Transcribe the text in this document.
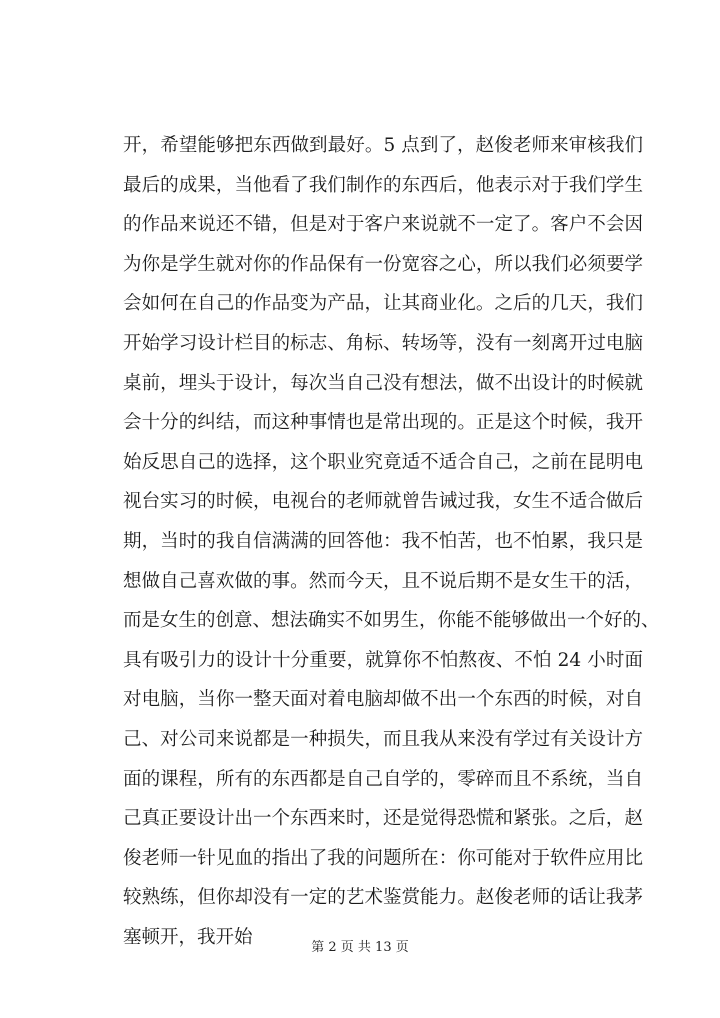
开，希望能够把东西做到最好。5 点到了，赵俊老师来审核我们
最后的成果，当他看了我们制作的东西后，他表示对于我们学生
的作品来说还不错，但是对于客户来说就不一定了。客户不会因
为你是学生就对你的作品保有一份宽容之心，所以我们必须要学
会如何在自己的作品变为产品，让其商业化。之后的几天，我们
开始学习设计栏目的标志、角标、转场等，没有一刻离开过电脑
桌前，埋头于设计，每次当自己没有想法，做不出设计的时候就
会十分的纠结，而这种事情也是常出现的。正是这个时候，我开
始反思自己的选择，这个职业究竟适不适合自己，之前在昆明电
视台实习的时候，电视台的老师就曾告诫过我，女生不适合做后
期，当时的我自信满满的回答他：我不怕苦，也不怕累，我只是
想做自己喜欢做的事。然而今天，且不说后期不是女生干的活，
而是女生的创意、想法确实不如男生，你能不能够做出一个好的、
具有吸引力的设计十分重要，就算你不怕熬夜、不怕 24 小时面
对电脑，当你一整天面对着电脑却做不出一个东西的时候，对自
己、对公司来说都是一种损失，而且我从来没有学过有关设计方
面的课程，所有的东西都是自己自学的，零碎而且不系统，当自
己真正要设计出一个东西来时，还是觉得恐慌和紧张。之后，赵
俊老师一针见血的指出了我的问题所在：你可能对于软件应用比
较熟练，但你却没有一定的艺术鉴赏能力。赵俊老师的话让我茅
塞顿开，我开始	第 2 页 共 13 页
